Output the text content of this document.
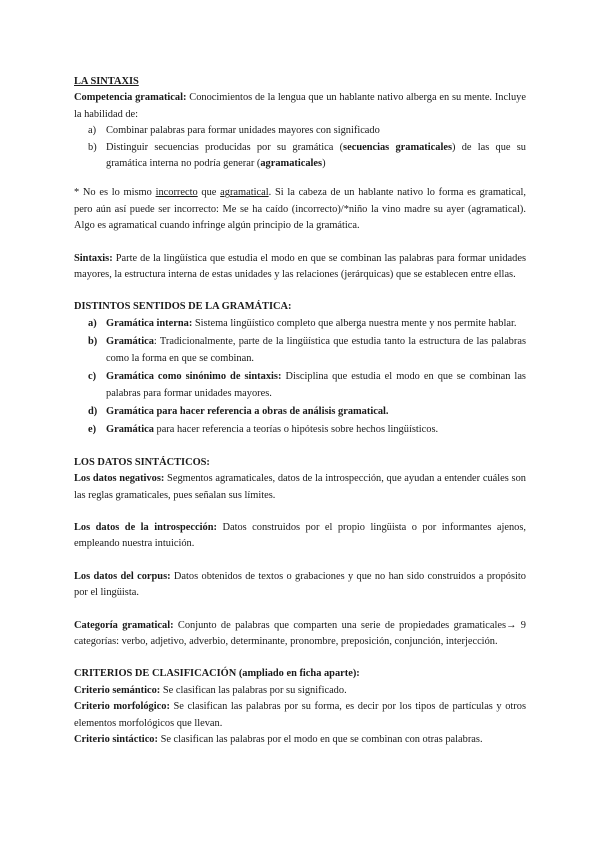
LA SINTAXIS

Competencia gramatical: Conocimientos de la lengua que un hablante nativo alberga en su mente. Incluye la habilidad de:

a) Combinar palabras para formar unidades mayores con significado
b) Distinguir secuencias producidas por su gramática (secuencias gramaticales) de las que su gramática interna no podría generar (agramaticales)

* No es lo mismo incorrecto que agramatical. Si la cabeza de un hablante nativo lo forma es gramatical, pero aún así puede ser incorrecto: Me se ha caído (incorrecto)/*niño la vino madre su ayer (agramatical). Algo es agramatical cuando infringe algún principio de la gramática.

Sintaxis: Parte de la lingüística que estudia el modo en que se combinan las palabras para formar unidades mayores, la estructura interna de estas unidades y las relaciones (jerárquicas) que se establecen entre ellas.

DISTINTOS SENTIDOS DE LA GRAMÁTICA:

a) Gramática interna: Sistema lingüístico completo que alberga nuestra mente y nos permite hablar.
b) Gramática: Tradicionalmente, parte de la lingüística que estudia tanto la estructura de las palabras como la forma en que se combinan.
c) Gramática como sinónimo de sintaxis: Disciplina que estudia el modo en que se combinan las palabras para formar unidades mayores.
d) Gramática para hacer referencia a obras de análisis gramatical.
e) Gramática para hacer referencia a teorías o hipótesis sobre hechos lingüísticos.

LOS DATOS SINTÁCTICOS:

Los datos negativos: Segmentos agramaticales, datos de la introspección, que ayudan a entender cuáles son las reglas gramaticales, pues señalan sus límites.

Los datos de la introspección: Datos construidos por el propio lingüista o por informantes ajenos, empleando nuestra intuición.

Los datos del corpus: Datos obtenidos de textos o grabaciones y que no han sido construidos a propósito por el lingüista.

Categoría gramatical: Conjunto de palabras que comparten una serie de propiedades gramaticales→ 9 categorías: verbo, adjetivo, adverbio, determinante, pronombre, preposición, conjunción, interjección.

CRITERIOS DE CLASIFICACIÓN (ampliado en ficha aparte):

Criterio semántico: Se clasifican las palabras por su significado.

Criterio morfológico: Se clasifican las palabras por su forma, es decir por los tipos de partículas y otros elementos morfológicos que llevan.

Criterio sintáctico: Se clasifican las palabras por el modo en que se combinan con otras palabras.
